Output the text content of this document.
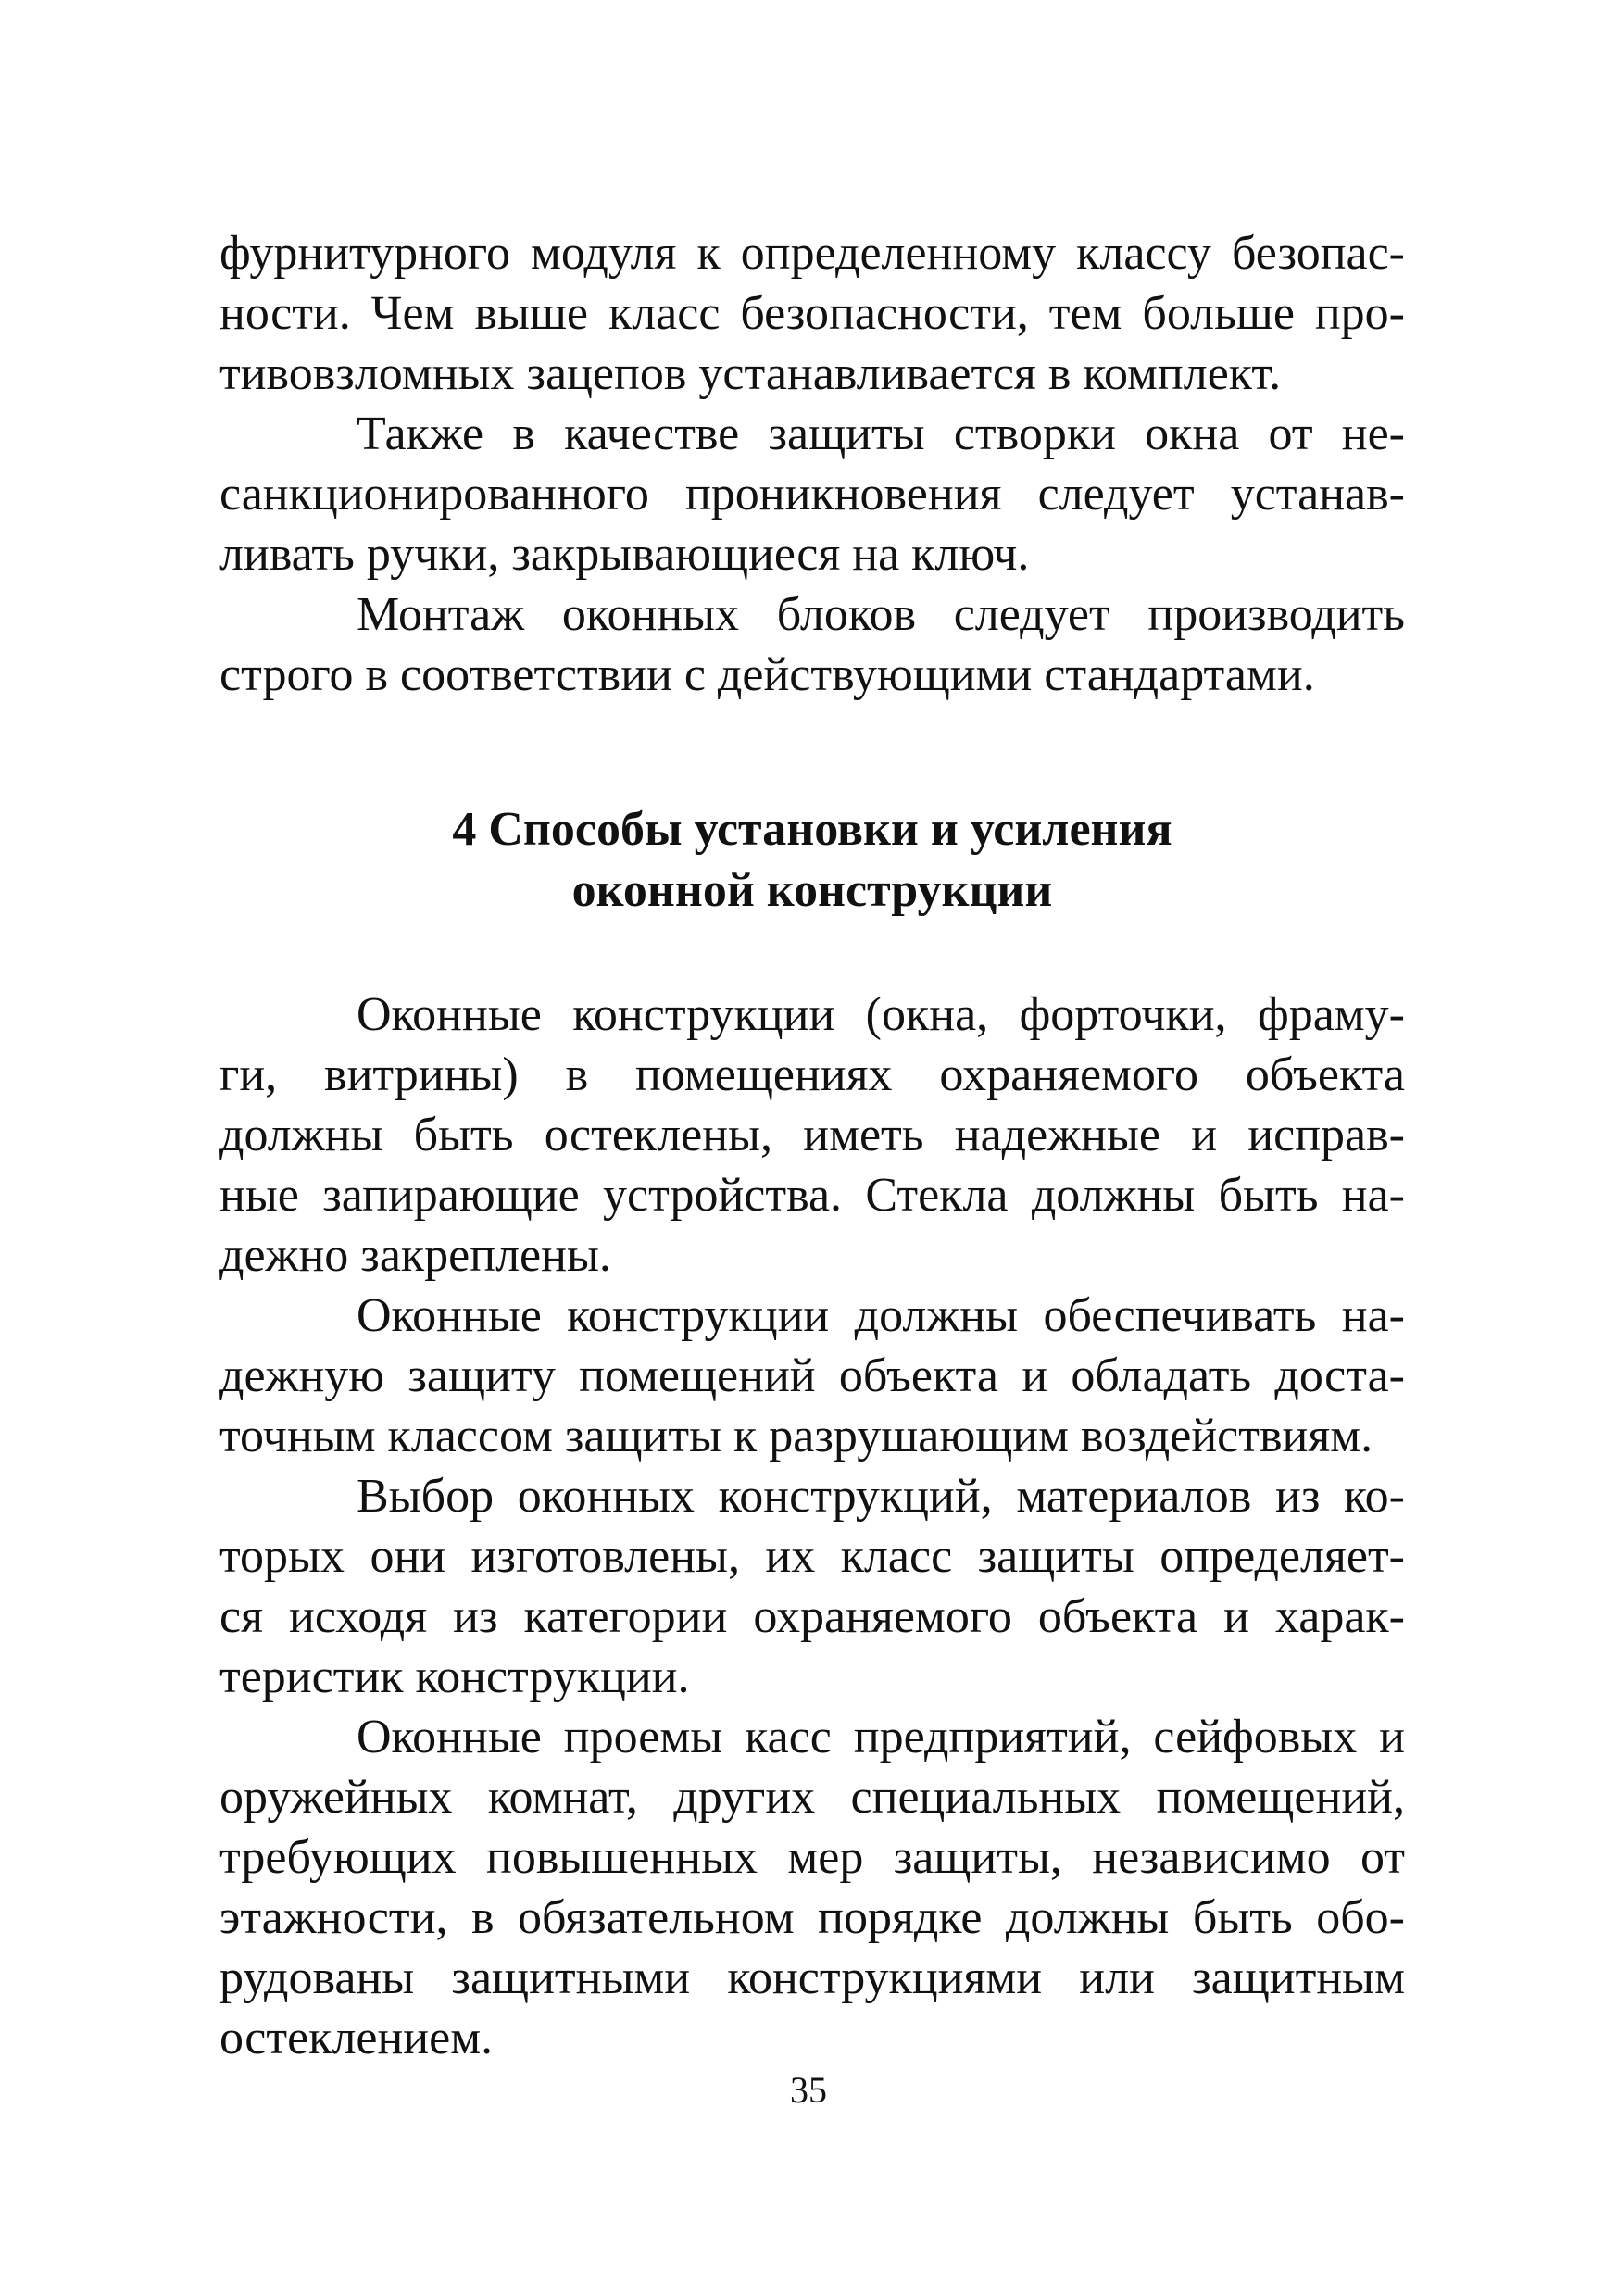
фурнитурного модуля к определенному классу безопас-
ности. Чем выше класс безопасности, тем больше про-
тивовзломных зацепов устанавливается в комплект.
Также в качестве защиты створки окна от не-
санкционированного проникновения следует устанав-
ливать ручки, закрывающиеся на ключ.
Монтаж оконных блоков следует производить
строго в соответствии с действующими стандартами.
4 Способы установки и усиления
оконной конструкции
Оконные конструкции (окна, форточки, фраму-
ги, витрины) в помещениях охраняемого объекта
должны быть остеклены, иметь надежные и исправ-
ные запирающие устройства. Стекла должны быть на-
дежно закреплены.
Оконные конструкции должны обеспечивать на-
дежную защиту помещений объекта и обладать доста-
точным классом защиты к разрушающим воздействиям.
Выбор оконных конструкций, материалов из ко-
торых они изготовлены, их класс защиты определяет-
ся исходя из категории охраняемого объекта и харак-
теристик конструкции.
Оконные проемы касс предприятий, сейфовых и
оружейных комнат, других специальных помещений,
требующих повышенных мер защиты, независимо от
этажности, в обязательном порядке должны быть обо-
рудованы защитными конструкциями или защитным
остеклением.
35
